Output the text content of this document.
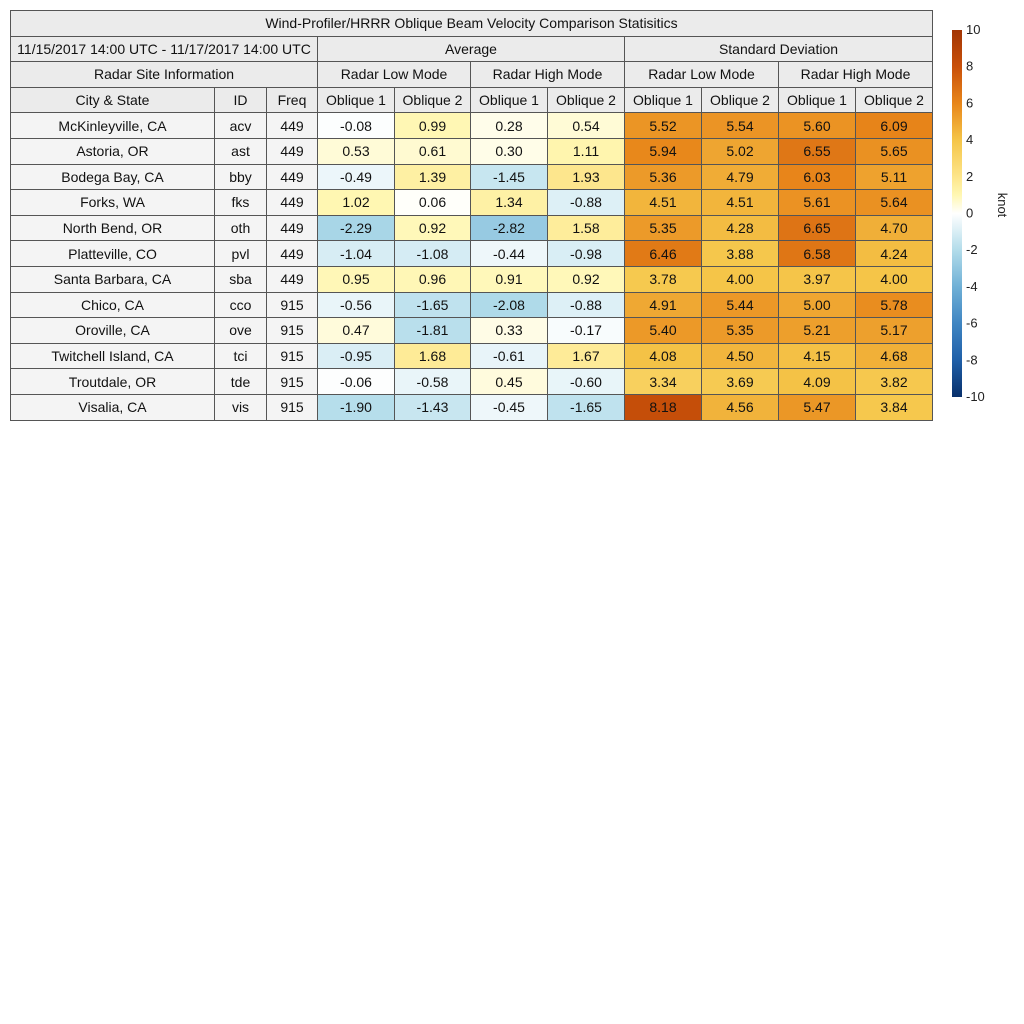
Wind-Profiler/HRRR Oblique Beam Velocity Comparison Statisitics										
11/15/2017 14:00 UTC - 11/17/2017 14:00 UTC			Average				Standard Deviation			
Radar Site Information			Radar Low Mode		Radar High Mode		Radar Low Mode		Radar High Mode	
City & State	ID	Freq	Oblique 1	Oblique 2	Oblique 1	Oblique 2	Oblique 1	Oblique 2	Oblique 1	Oblique 2
McKinleyville, CA	acv	449	-0.08	0.99	0.28	0.54	5.52	5.54	5.60	6.09
Astoria, OR	ast	449	0.53	0.61	0.30	1.11	5.94	5.02	6.55	5.65
Bodega Bay, CA	bby	449	-0.49	1.39	-1.45	1.93	5.36	4.79	6.03	5.11
Forks, WA	fks	449	1.02	0.06	1.34	-0.88	4.51	4.51	5.61	5.64
North Bend, OR	oth	449	-2.29	0.92	-2.82	1.58	5.35	4.28	6.65	4.70
Platteville, CO	pvl	449	-1.04	-1.08	-0.44	-0.98	6.46	3.88	6.58	4.24
Santa Barbara, CA	sba	449	0.95	0.96	0.91	0.92	3.78	4.00	3.97	4.00
Chico, CA	cco	915	-0.56	-1.65	-2.08	-0.88	4.91	5.44	5.00	5.78
Oroville, CA	ove	915	0.47	-1.81	0.33	-0.17	5.40	5.35	5.21	5.17
Twitchell Island, CA	tci	915	-0.95	1.68	-0.61	1.67	4.08	4.50	4.15	4.68
Troutdale, OR	tde	915	-0.06	-0.58	0.45	-0.60	3.34	3.69	4.09	3.82
Visalia, CA	vis	915	-1.90	-1.43	-0.45	-1.65	8.18	4.56	5.47	3.84
10
8
6
4
2
0
-2
-4
-6
-8
-10
knot
